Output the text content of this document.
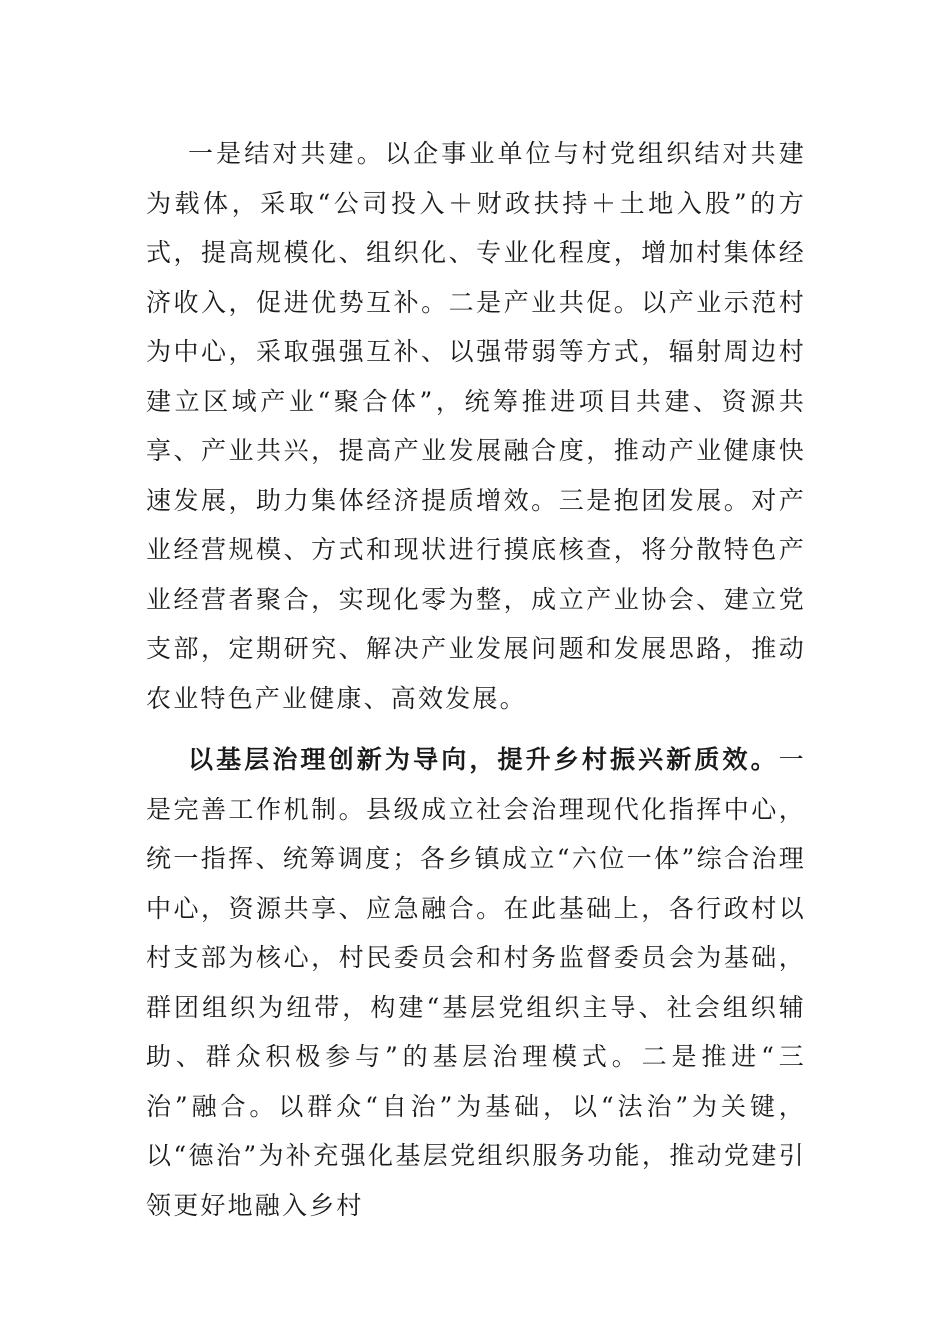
一是结对共建。以企事业单位与村党组织结对共建为载体，采取“公司投入＋财政扶持＋土地入股”的方式，提高规模化、组织化、专业化程度，增加村集体经济收入，促进优势互补。二是产业共促。以产业示范村为中心，采取强强互补、以强带弱等方式，辐射周边村建立区域产业“聚合体”，统筹推进项目共建、资源共享、产业共兴，提高产业发展融合度，推动产业健康快速发展，助力集体经济提质增效。三是抱团发展。对产业经营规模、方式和现状进行摸底核查，将分散特色产业经营者聚合，实现化零为整，成立产业协会、建立党支部，定期研究、解决产业发展问题和发展思路，推动农业特色产业健康、高效发展。

以基层治理创新为导向，提升乡村振兴新质效。一是完善工作机制。县级成立社会治理现代化指挥中心，统一指挥、统筹调度；各乡镇成立“六位一体”综合治理中心，资源共享、应急融合。在此基础上，各行政村以村支部为核心，村民委员会和村务监督委员会为基础，群团组织为纽带，构建“基层党组织主导、社会组织辅助、群众积极参与”的基层治理模式。二是推进“三治”融合。以群众“自治”为基础，以“法治”为关键，以“德治”为补充强化基层党组织服务功能，推动党建引领更好地融入乡村
